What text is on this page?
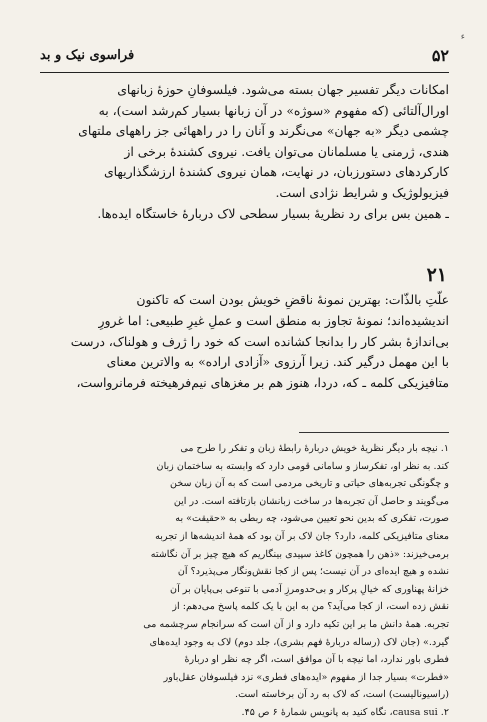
ء
۵۲
فراسوی نیک و بد
امکانات دیگر تفسیر جهان بسته می‌شود. فیلسوفانِ حوزهٔ زبانهای
اورال‌آلتائی (که مفهوم «سوژه» در آن زبانها بسیار کم‌رشد است)، به
چشمی دیگر «به جهان» می‌نگرند و آنان را در راههائی جز راههای ملتهای
هندی، ژرمنی یا مسلمانان می‌توان یافت. نیروی کشندهٔ برخی از
کارکردهای دستورزبان، در نهایت، همان نیروی کشندهٔ ارزشگذاریهای
فیزیولوژیک و شرایط نژادی است.
ـ همین بس برای رد نظریهٔ بسیار سطحی لاک دربارهٔ خاستگاه ایده‌ها.
۲۱
علّتِ بالذّات: بهترین نمونهٔ ناقضِ خویش بودن است که تاکنون
اندیشیده‌اند؛ نمونهٔ تجاوز به منطق است و عملِ غیرِ طبیعی: اما غرورِ
بی‌اندازهٔ بشر کار را بدانجا کشانده است که خود را ژرف و هولناک، درست
با این مهمل درگیر کند. زیرا آرزوی «آزادی اراده» به والاترین معنای
متافیزیکی کلمه ـ که، دردا، هنوز هم بر مغزهای نیم‌فرهیخته فرمانرواست،
۱. نیچه بار دیگر نظریهٔ خویش دربارهٔ رابطهٔ زبان و تفکر را طرح می‌
کند. به نظر او، تفکرساز و سامانی قومی دارد که وابسته به ساختمان زبان
و چگونگی تجربه‌های حیاتی و تاریخی مردمی است که به آن زبان سخن
می‌گویند و حاصل آن تجربه‌ها در ساخت زبانشان بازتافته است. در این
صورت، تفکری که بدین نحو تعیین می‌شود، چه ربطی به «حقیقت» به
معنای متافیزیکی کلمه، دارد؟ جان لاک بر آن بود که همهٔ اندیشه‌ها از تجربه
برمی‌خیزند: «ذهن را همچون کاغذ سپیدی بینگاریم که هیچ چیز بر آن نگاشته
نشده و هیچ ایده‌ای در آن نیست؛ پس از کجا نقش‌ونگار می‌پذیرد؟ آن
خزانهٔ پهناوری که خیالِ پرکار و بی‌حدومرزِ آدمی با تنوعی بی‌پایان بر آن
نقش زده است، از کجا می‌آید؟ من به این با یک کلمه پاسخ می‌دهم: از
تجربه. همهٔ دانش ما بر این تکیه دارد و از آن است که سرانجام سرچشمه می‌
گیرد.» (جان لاک (رساله دربارهٔ فهم بشری)، جلد دوم) لاک به وجود ایده‌های
فطری باور ندارد، اما نیچه با آن موافق است، اگر چه نظر او دربارهٔ
«فطرت» بسیار جدا از مفهوم «ایده‌های فطری» نزد فیلسوفان عقل‌باور
(راسیونالیست) است، که لاک به رد آن برخاسته است.
۲. causa sui، نگاه کنید به پانویس شمارهٔ ۶ ص ۴۵.
